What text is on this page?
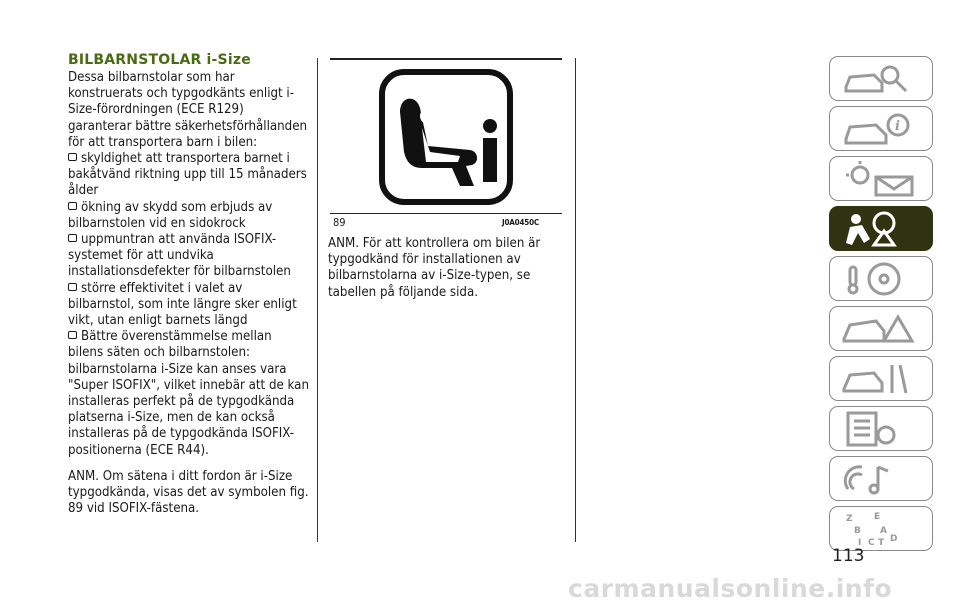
BILBARNSTOLAR i-Size

Dessa bilbarnstolar som har konstruerats och typgodkänts enligt i-Size-förordningen (ECE R129) garanterar bättre säkerhetsförhållanden för att transportera barn i bilen:

skyldighet att transportera barnet i bakåtvänd riktning upp till 15 månaders ålder

ökning av skydd som erbjuds av bilbarnstolen vid en sidokrock

uppmuntran att använda ISOFIX-systemet för att undvika installationsdefekter för bilbarnstolen

större effektivitet i valet av bilbarnstol, som inte längre sker enligt vikt, utan enligt barnets längd

Bättre överenstämmelse mellan bilens säten och bilbarnstolen: bilbarnstolarna i-Size kan anses vara "Super ISOFIX", vilket innebär att de kan installeras perfekt på de typgodkända platserna i-Size, men de kan också installeras på de typgodkända ISOFIX-positionerna (ECE R44).

ANM. Om sätena i ditt fordon är i-Size typgodkända, visas det av symbolen fig. 89 vid ISOFIX-fästena.

89	J0A0450C

ANM. För att kontrollera om bilen är typgodkänd för installationen av bilbarnstolarna av i-Size-typen, se tabellen på följande sida.

i
Z E
B A
I C T D
113
carmanualsonline.info
